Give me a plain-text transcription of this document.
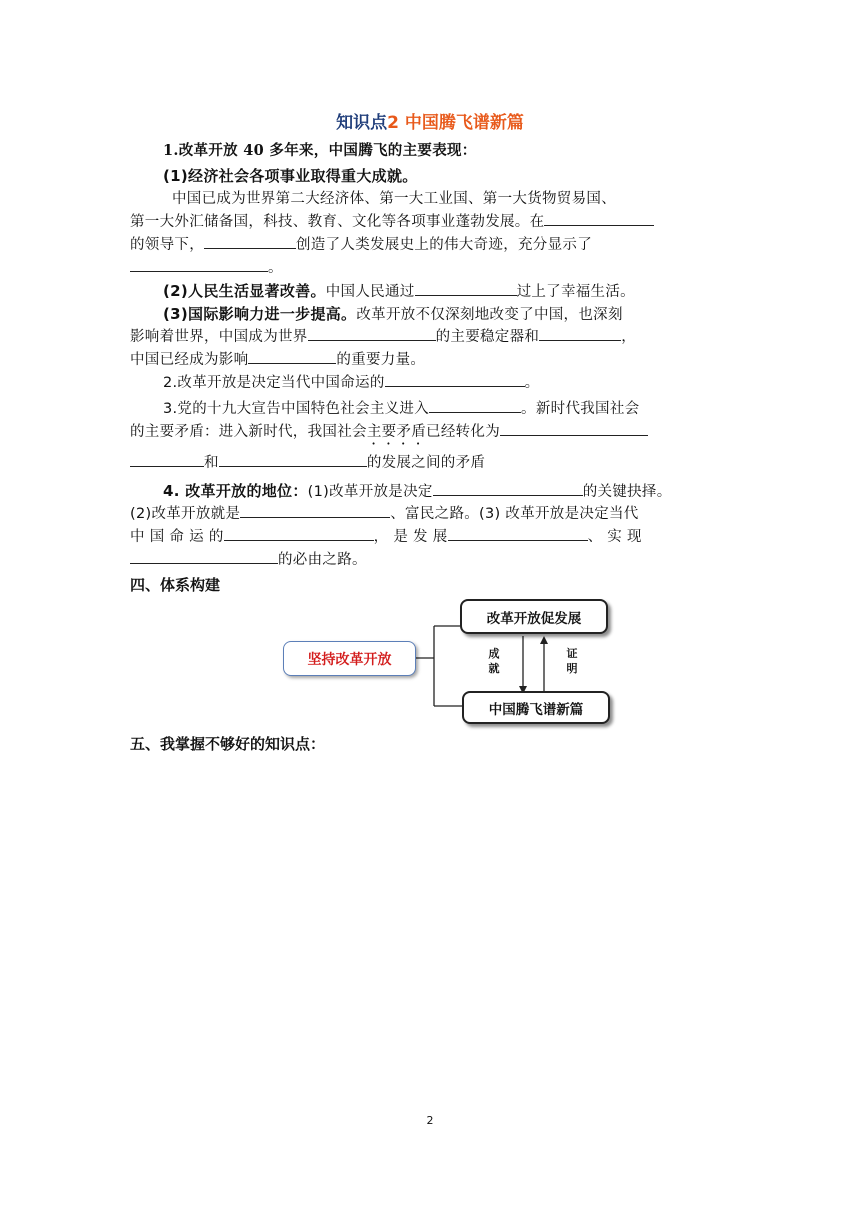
知识点2 中国腾飞谱新篇
1.改革开放 40 多年来，中国腾飞的主要表现：
(1)经济社会各项事业取得重大成就。
中国已成为世界第二大经济体、第一大工业国、第一大货物贸易国、
第一大外汇储备国，科技、教育、文化等各项事业蓬勃发展。在
的领导下，	创造了人类发展史上的伟大奇迹，充分显示了
。
(2)人民生活显著改善。中国人民通过	过上了幸福生活。
(3)国际影响力进一步提高。改革开放不仅深刻地改变了中国，也深刻
影响着世界，中国成为世界	的主要稳定器和	，
中国已经成为影响	的重要力量。
2.改革开放是决定当代中国命运的	。
3.党的十九大宣告中国特色社会主义进入	。新时代我国社会
的主要矛盾：进入新时代，我国社会主要矛盾已经转化为
和	的发展之间的矛盾
4. 改革开放的地位：(1)改革开放是决定	的关键抉择。
(2)改革开放就是	、富民之路。(3) 改革开放是决定当代
中 国 命 运 的	， 是 发 展	、 实 现
的必由之路。
四、体系构建
坚持改革开放
改革开放促发展
中国腾飞谱新篇
成就
证明
五、我掌握不够好的知识点：
2
